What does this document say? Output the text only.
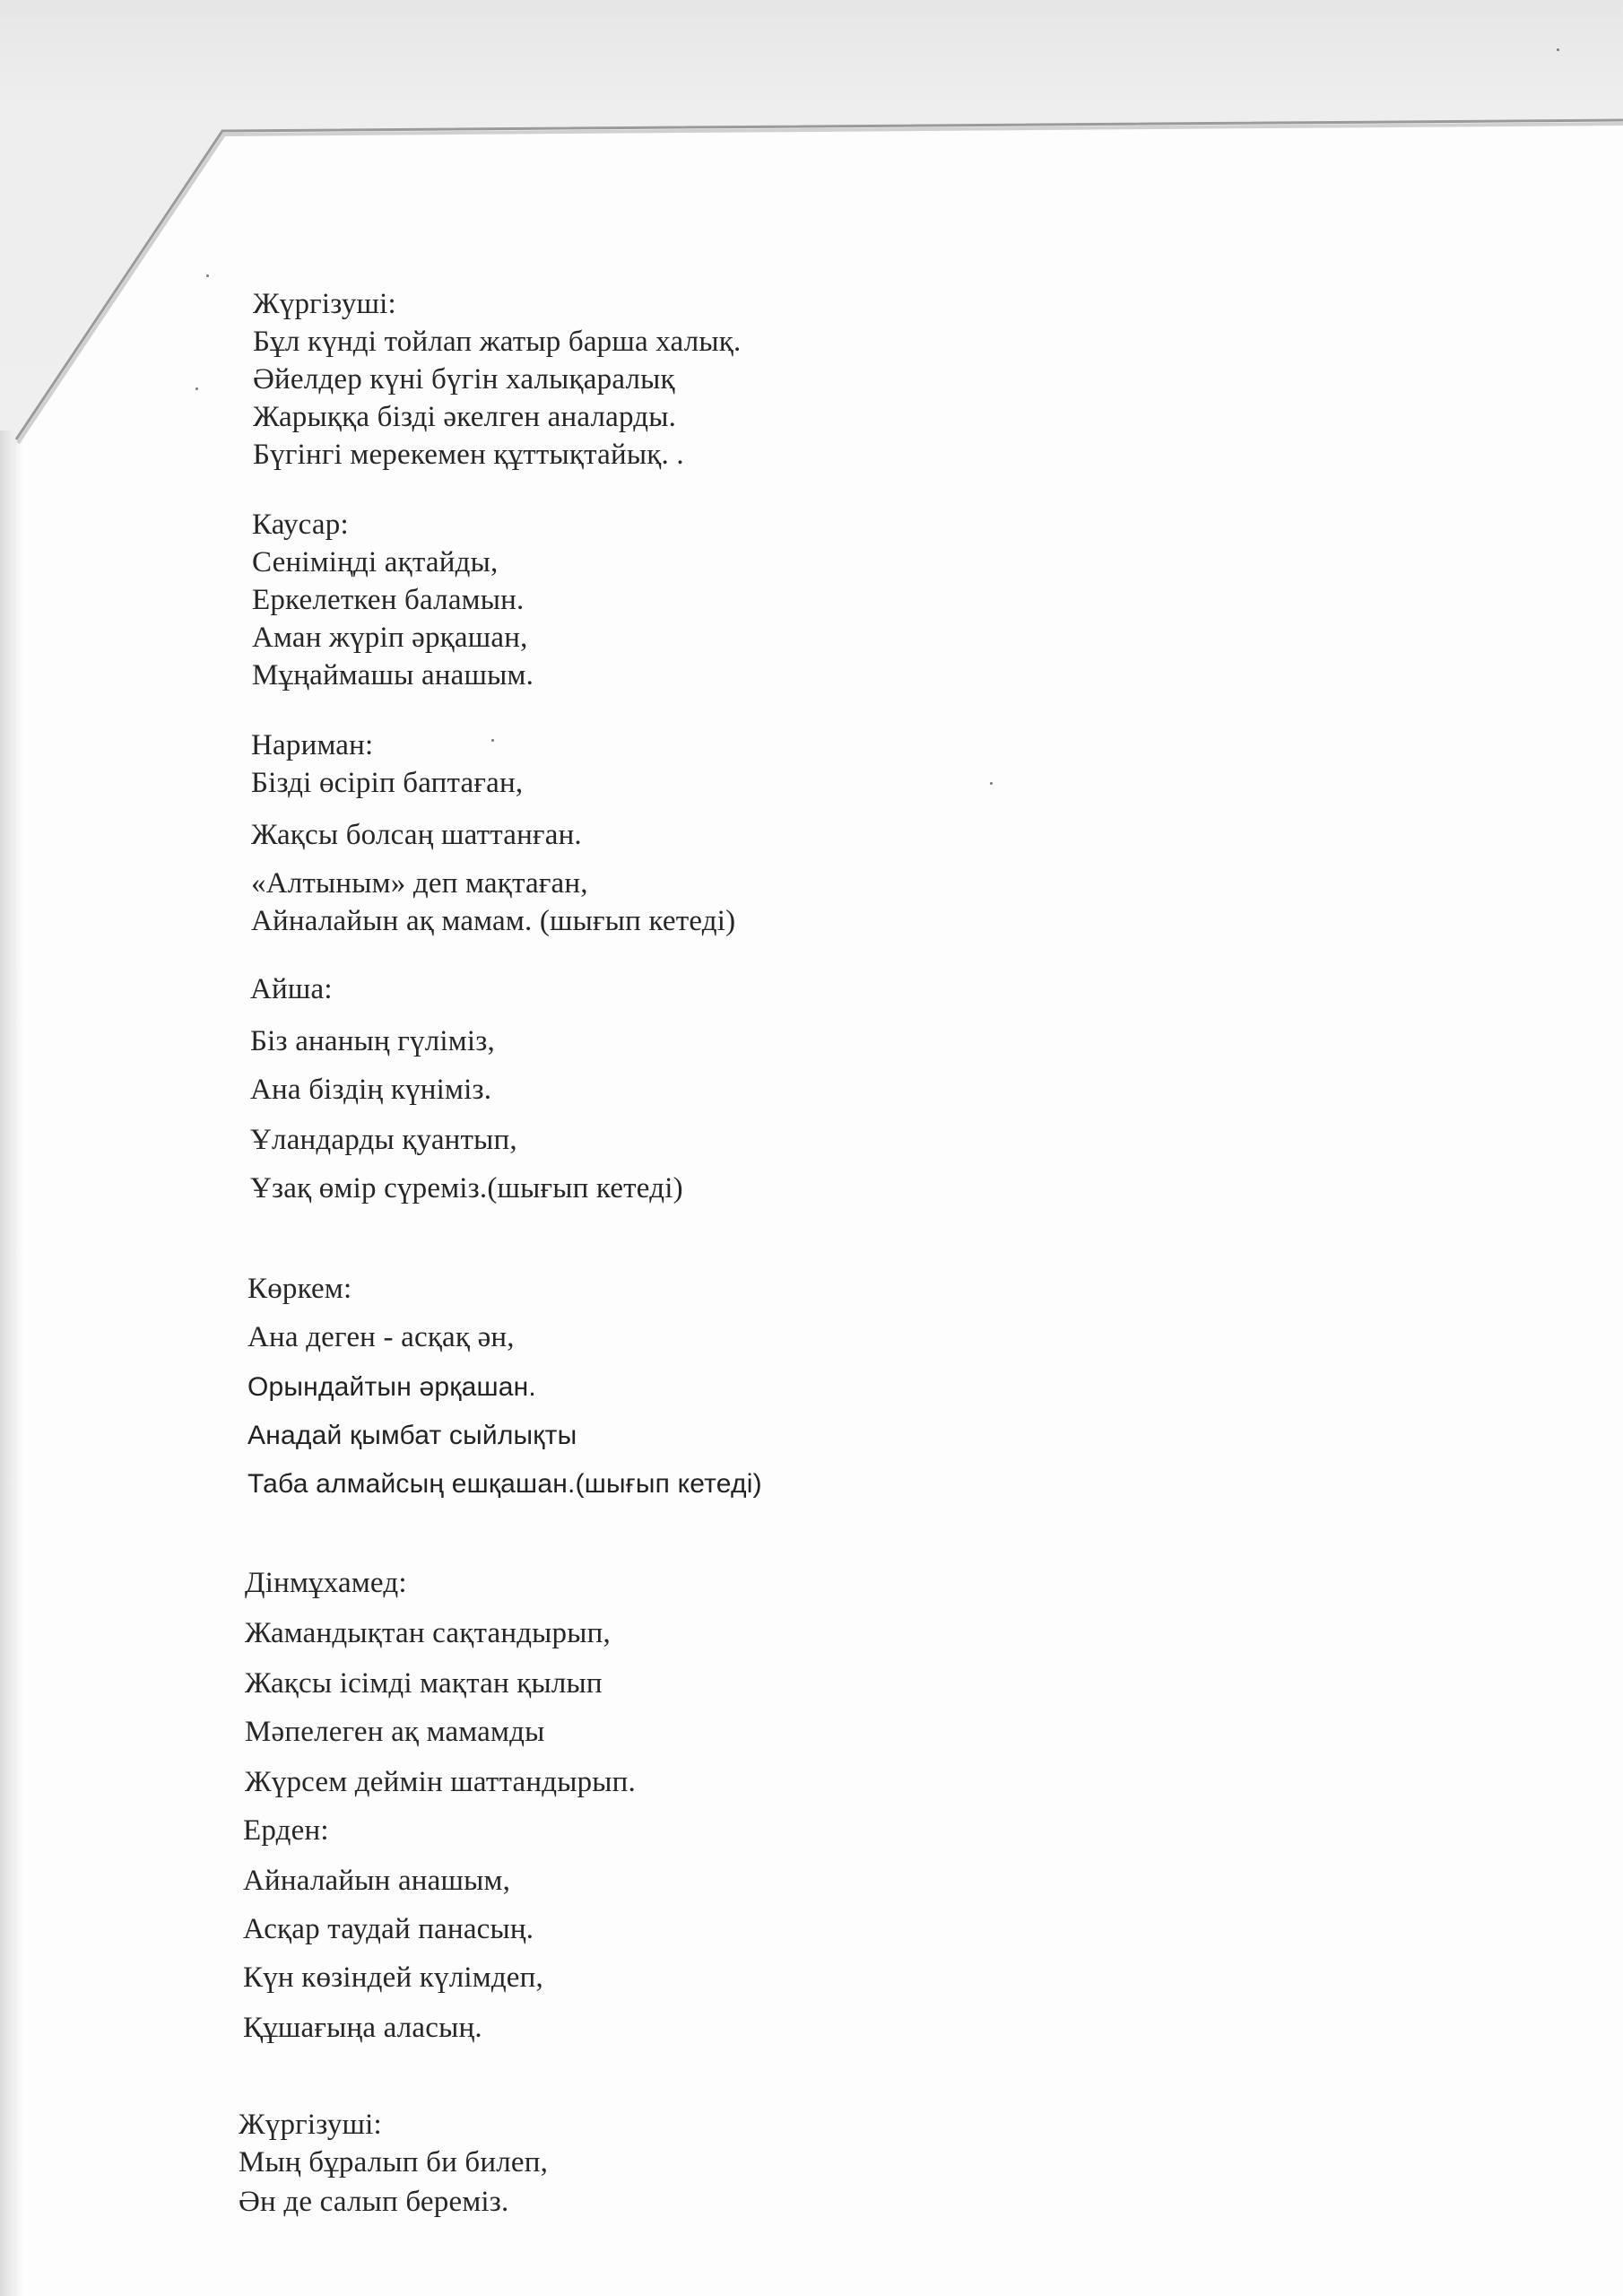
Жүргізуші:
Бұл күнді тойлап жатыр барша халық.
Әйелдер күні бүгін халықаралық
Жарыққа бізді әкелген аналарды.
Бүгінгі мерекемен құттықтайық. .
Каусар:
Сеніміңді ақтайды,
Еркелеткен баламын.
Аман жүріп әрқашан,
Мұңаймашы анашым.
Нариман:
Бізді өсіріп баптаған,
Жақсы болсаң шаттанған.
«Алтыным» деп мақтаған,
Айналайын ақ мамам. (шығып кетеді)
Айша:
Біз ананың гүліміз,
Ана біздің күніміз.
Ұландарды қуантып,
Ұзақ өмір сүреміз.(шығып кетеді)
Көркем:
Ана деген - асқақ ән,
Орындайтын әрқашан.
Анадай қымбат сыйлықты
Таба алмайсың ешқашан.(шығып кетеді)
Дінмұхамед:
Жамандықтан сақтандырып,
Жақсы ісімді мақтан қылып
Мәпелеген ақ мамамды
Жүрсем деймін шаттандырып.
Ерден:
Айналайын анашым,
Асқар таудай панасың.
Күн көзіндей күлімдеп,
Құшағыңа аласың.
Жүргізуші:
Мың бұралып би билеп,
Ән де салып береміз.
